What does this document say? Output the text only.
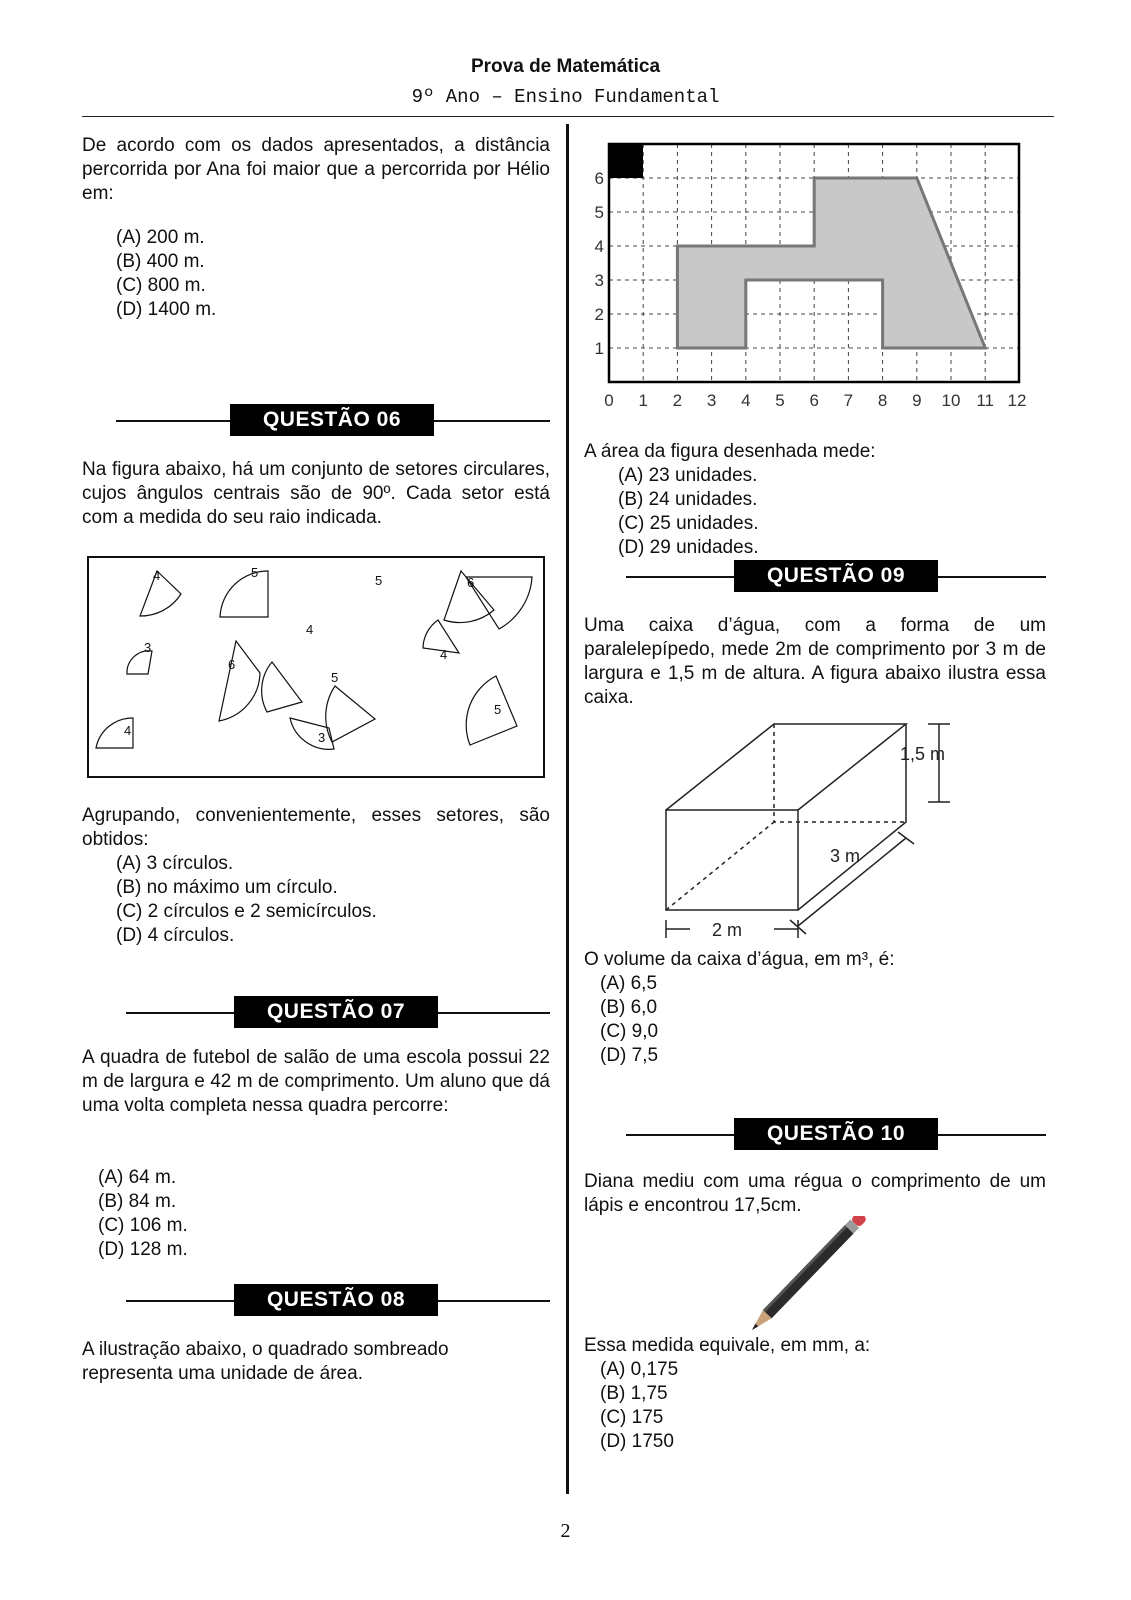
Prova de Matemática
9º Ano – Ensino Fundamental
De acordo com os dados apresentados, a distância percorrida por Ana foi maior que a percorrida por Hélio em:
(A) 200 m.
(B) 400 m.
(C) 800 m.
(D) 1400 m.
QUESTÃO 06
Na figura abaixo, há um conjunto de setores circulares, cujos ângulos centrais são de 90º. Cada setor está com a medida do seu raio indicada.
4	5
5	6
3
4
6
4
5
5
4	3
Agrupando, convenientemente, esses setores, são obtidos:
(A) 3 círculos.
(B) no máximo um círculo.
(C) 2 círculos e 2 semicírculos.
(D) 4 círculos.
QUESTÃO 07
A quadra de futebol de salão de uma escola possui 22 m de largura e 42 m de comprimento. Um aluno que dá uma volta completa nessa quadra percorre:
(A) 64 m.
(B) 84 m.
(C) 106 m.
(D) 128 m.
QUESTÃO 08
A ilustração abaixo, o quadrado sombreado representa uma unidade de área.
1
2
3
4
5
6
0 1 2 3 4 5 6 7 8 9 10 11 12
A área da figura desenhada mede:
(A) 23 unidades.
(B) 24 unidades.
(C) 25 unidades.
(D) 29 unidades.
QUESTÃO 09
Uma caixa d’água, com a forma de um paralelepípedo, mede 2m de comprimento por 3 m de largura e 1,5 m de altura. A figura abaixo ilustra essa caixa.
1,5 m
3 m
2 m
O volume da caixa d’água, em m³, é:
(A) 6,5
(B) 6,0
(C) 9,0
(D) 7,5
QUESTÃO 10
Diana mediu com uma régua o comprimento de um lápis e encontrou 17,5cm.
Essa medida equivale, em mm, a:
(A) 0,175
(B) 1,75
(C) 175
(D) 1750
2
